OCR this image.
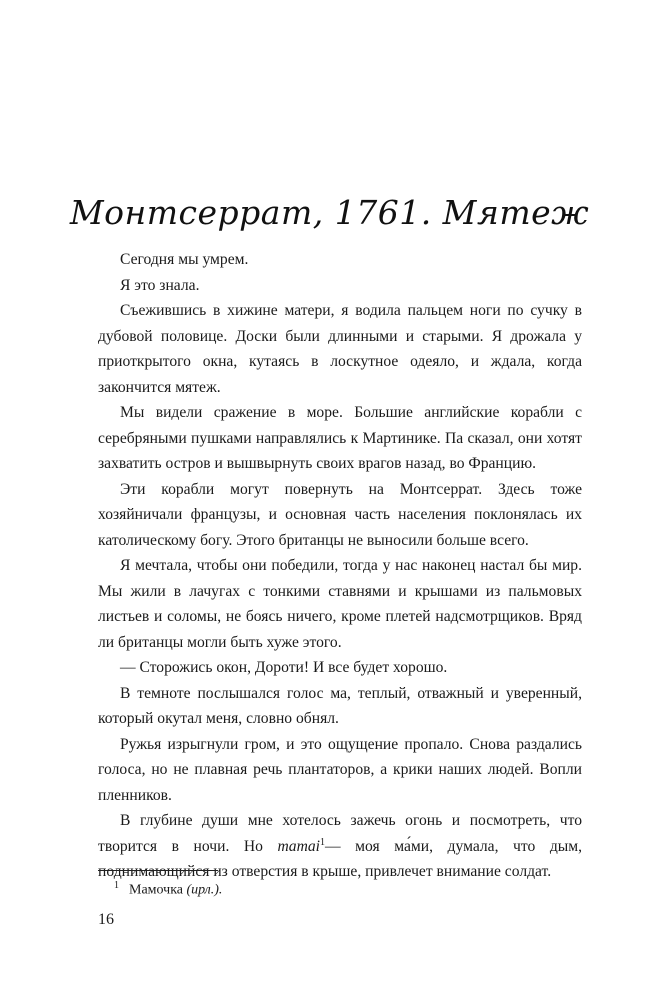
Монтсеррат, 1761. Мятеж

Сегодня мы умрем.

Я это знала.

Съежившись в хижине матери, я водила пальцем ноги по сучку в дубовой половице. Доски были длинными и старыми. Я дрожала у приоткрытого окна, кутаясь в лоскутное одеяло, и ждала, когда закончится мятеж.

Мы видели сражение в море. Большие английские корабли с серебряными пушками направлялись к Мартинике. Па сказал, они хотят захватить остров и вышвырнуть своих врагов назад, во Францию.

Эти корабли могут повернуть на Монтсеррат. Здесь тоже хозяйничали французы, и основная часть населения поклонялась их католическому богу. Этого британцы не выносили больше всего.

Я мечтала, чтобы они победили, тогда у нас наконец настал бы мир. Мы жили в лачугах с тонкими ставнями и крышами из пальмовых листьев и соломы, не боясь ничего, кроме плетей надсмотрщиков. Вряд ли британцы могли быть хуже этого.

— Сторожись окон, Дороти! И все будет хорошо.

В темноте послышался голос ма, теплый, отважный и уверенный, который окутал меня, словно обнял.

Ружья изрыгнули гром, и это ощущение пропало. Снова раздались голоса, но не плавная речь плантаторов, а крики наших людей. Вопли пленников.

В глубине души мне хотелось зажечь огонь и посмотреть, что творится в ночи. Но mamai$^1$— моя ма́ми, думала, что дым, поднимающийся из отверстия в крыше, привлечет внимание солдат.

$^1$ Мамочка (ирл.).
16
